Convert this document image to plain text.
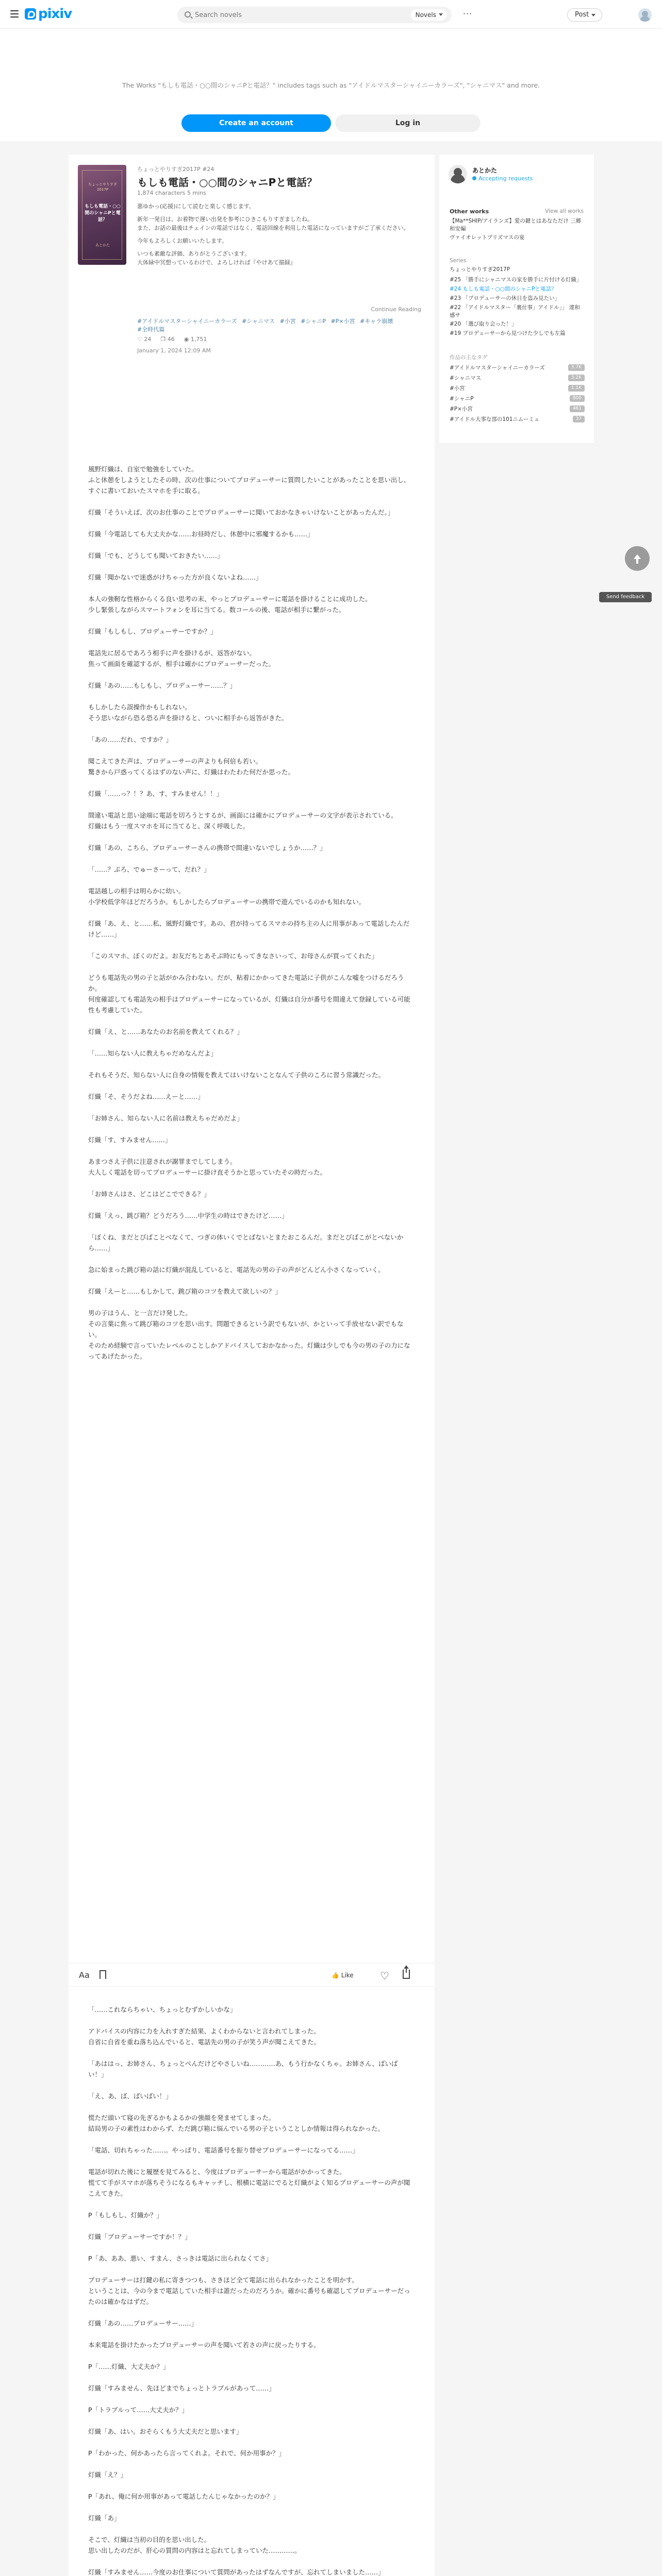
pixiv
Search novels	Novels	···	Post
The Works "もしも電話・○○間のシャニPと電話？" includes tags such as "アイドルマスターシャイニーカラーズ", "シャニマス" and more.
Create an account	Log in
ちょっとやりすぎ2017P
もしも電話・○○間のシャニPと電話？
あとかた
ちょっとやりすぎ2017P #24
もしも電話・○○間のシャニPと電話？
1,874 characters 5 mins

悪ゆかっ(応援)にして読むと楽しく感じます。

新年一発目は、お着物で遅い出発を参考にひきこもりすぎましたね。
また、お話の最後はチェインの電話ではなく、電話回線を利用した電話になっていますがご了承ください。

今年もよろしくお願いいたします。

いつも素敵な評価、ありがとうございます。
大体緑中冥想っているわけで、よろしければ『やけあて描録』

Continue Reading
#アイドルマスターシャイニーカラーズ #シャニマス #小宮 #シャニP #P×小宮 #キャラ崩壊 #全時代篇
♡ 24 ❐ 46 ◉ 1,751
January 1, 2024 12:09 AM

風野灯織は、自室で勉強をしていた。
ふと休憩をしようとしたその時、次の仕事についてプロデューサーに質問したいことがあったことを思い出し、すぐに書いておいたスマホを手に取る。

灯織「そういえば、次のお仕事のことでプロデューサーに聞いておかなきゃいけないことがあったんだ。」

灯織「今電話しても大丈夫かな……お昼時だし、休憩中に邪魔するかも……」

灯織「でも、どうしても聞いておきたい……」

灯織「聞かないで迷惑がけちゃった方が良くないよね……」

本人の強靭な性格からくる良い思考の末、やっとプロデューサーに電話を掛けることに成功した。
少し緊張しながらスマートフォンを耳に当てる。数コールの後、電話が相手に繋がった。

灯織「もしもし、プロデューサーですか？」

電話先に居るであろう相手に声を掛けるが、返答がない。
焦って画面を確認するが、相手は確かにプロデューサーだった。

灯織「あの……もしもし、プロデューサー……？」

もしかしたら誤操作かもしれない。
そう思いながら恐る恐る声を掛けると、ついに相手から返答がきた。

「あの……だれ、ですか？」

聞こえてきた声は、プロデューサーの声よりも何倍も若い。
驚きから戸惑ってくるはずのない声に、灯織はわたわた何だか思った。

灯織「……っ？！？あ、す、すみません！！」

間違い電話と思い途端に電話を切ろうとするが、画面には確かにプロデューサーの文字が表示されている。
灯織はもう一度スマホを耳に当てると、深く呼吸した。

灯織「あの、こちら、プロデューサーさんの携帯で間違いないでしょうか……？」

「……？ぷろ、でゅーさーって、だれ？」

電話越しの相手は明らかに幼い。
小学校低学年ほどだろうか。もしかしたらプロデューサーの携帯で遊んでいるのかも知れない。

灯織「あ、え、と……私、風野灯織です。あの、君が持ってるスマホの持ち主の人に用事があって電話したんだけど……」

「このスマホ、ぼくのだよ。お友だちとあそぶ時にもってきなさいって、お母さんが買ってくれた」

どうも電話先の男の子と話がかみ合わない。だが、粘着にかかってきた電話に子供がこんな嘘をつけるだろうか。
何度確認しても電話先の相手はプロデューサーになっているが、灯織は自分が番号を間違えて登録している可能性も考慮していた。

灯織「え、と……あなたのお名前を教えてくれる？」

「……知らない人に教えちゃだめなんだよ」

それもそうだ、知らない人に自身の情報を教えてはいけないことなんて子供のころに習う常識だった。

灯織「そ、そうだよね……えーと……」

「お姉さん、知らない人に名前は教えちゃだめだよ」

灯織「す、すみません……」

あまつさえ子供に注意されが謝罪までしてしまう。
大人しく電話を切ってプロデューサーに掛け直そうかと思っていたその時だった。

「お姉さんはさ、どこはどこでできる？」

灯織「えっ、跳び箱？どうだろう……中学生の時はできたけど……」

「ぼくね、まだとびばことべなくて、つぎの体いくでとばないとまたおこるんだ。まだとびばこがとべないから……」

急に始まった跳び箱の話に灯織が混乱していると、電話先の男の子の声がどんどん小さくなっていく。

灯織「えーと……もしかして、跳び箱のコツを教えて欲しいの？」

男の子はうん、と一言だけ発した。
その言葉に焦って跳び箱のコツを思い出す。問題できるという訳でもないが、かといって手放せない訳でもない。
そのため経験で言っていたレベルのことしかアドバイスしておかなかった。灯織は少しでも今の男の子の力になってあげたかった。

「……これならちゃい、ちょっとむずかしいかな」

アドバイスの内容に力を入れすぎた結果、よくわからないと言われてしまった。
自省に自省を重ね落ち込んでいると、電話先の男の子が笑う声が聞こえてきた。

「あははっ、お姉さん、ちょっとぺんだけどやさしいね…………あ、もう行かなくちゃ。お姉さん、ばいばい！」

「え、あ、ば、ばいばい！」

慌ただ頭いて寝の先ぎるかもよるかの強顔を発ませてしまった。
結局男の子の素性はわからず、ただ跳び箱に悩んでいる男の子ということしか情報は得られなかった。

「電話、切れちゃった……。やっぱり、電話番号を振り替せプロデューサーになってる……」

電話が切れた後にと履歴を見てみると、今度はプロデューサーから電話がかかってきた。
慌てて手がスマホが落ちそうになるもキャッチし、根横に電話にでると灯織がよく知るプロデューサーの声が聞こえてきた。

P「もしもし、灯織か？」

灯織「プロデューサーですか！？」

P「あ、ああ、悪い、すまん、さっきは電話に出られなくてさ」

プロデューサーは打鍵の私に寄きつつも、さきほど全て電話に出られなかったことを明かす。
ということは、今の今まで電話していた相手は誰だったのだろうか。確かに番号も確認してプロデューサーだったのは確かなはずだ。

灯織「あの……プロデューサー……」

本来電話を掛けたかったプロデューサーの声を聞いて若さの声に戻ったりする。

P「……灯織、大丈夫か？」

灯織「すみません、先ほどまでちょっとトラブルがあって……」

P「トラブルって……大丈夫か？」

灯織「あ、はい。おそらくもう大丈夫だと思います」

P「わかった、何かあったら言ってくれよ。それで、何か用事か？」

灯織「え？」

P「あれ、俺に何か用事があって電話したんじゃなかったのか？」

灯織「あ」

そこで、灯織は当初の目的を思い出した。
思い出したのだが、肝心の質問の内容はと忘れてしまっていた…………。

灯織「すみません……今度のお仕事について質問があったはずなんですが、忘れてしまいました……」

Aa	👍 Like	♡
あとかた
Accepting requests
Other works	View all works
【Ma**SHIP/アイランズ】愛の鍵とはあなただけ 三郷和安編
ヴァイオレットプリズマスの宴
Series
ちょっとやりすぎ2017P
#25 「勝手にシャニマスの家を勝手に片付ける灯織」
#24 もしも電話・○○間のシャニPと電話？
#23 「プロデューサーの休日を盗み見たい」
#22 「アイドルマスター「裏仕事」アイドル」」 違和感サ
#20 「選び取り会った！」
#19 プロデューサーから見つけた少しでも左篇
作品の主なタグ
#アイドルマスターシャイニーカラーズ	3.7K
#シャニマス	3.2K
#小宮	1.1K
#シャニP	800
#P×小宮	461
#アイドル大事な部の101ニムーミュ	37
Send feedback
